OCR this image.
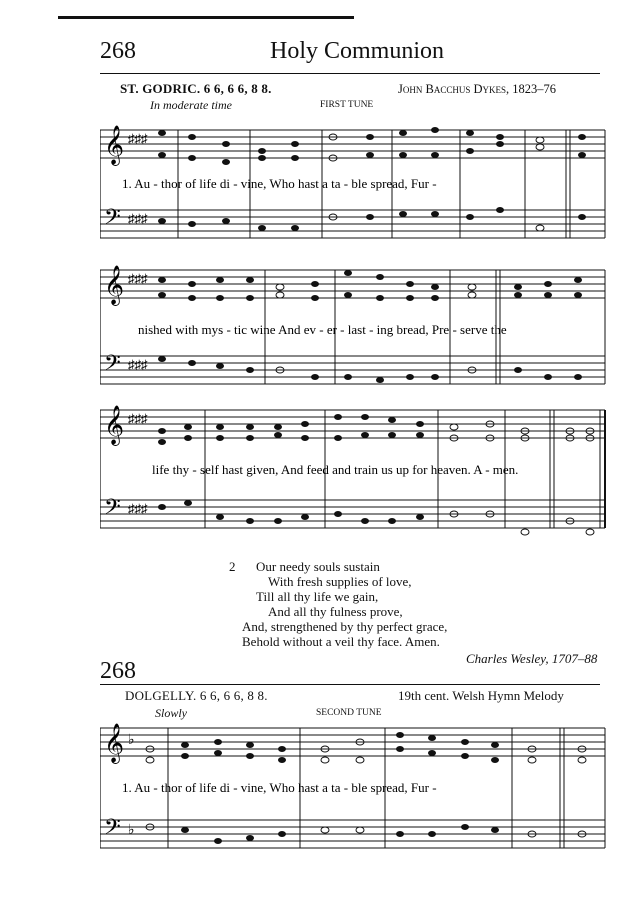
268	Holy Communion
ST. GODRIC. 6 6, 6 6, 8 8.	John Bacchus Dykes, 1823–76
In moderate time	FIRST TUNE
𝄞
𝄢
♯♯♯
♯♯♯
1. Au - thor of life di - vine, Who hast a ta - ble spread, Fur -
𝄞
𝄢
♯♯♯
♯♯♯
nished with mys - tic wine And ev - er - last - ing bread, Pre - serve the
𝄞
𝄢
♯♯♯
♯♯♯
life thy - self hast given, And feed and train us up for heaven. A - men.
2 Our needy souls sustain
With fresh supplies of love,
Till all thy life we gain,
And all thy fulness prove,
And, strengthened by thy perfect grace,
Behold without a veil thy face. Amen.
Charles Wesley, 1707–88
268
DOLGELLY. 6 6, 6 6, 8 8.	19th cent. Welsh Hymn Melody
Slowly	SECOND TUNE
𝄞
𝄢
♭
♭
1. Au - thor of life di - vine, Who hast a ta - ble spread, Fur -
